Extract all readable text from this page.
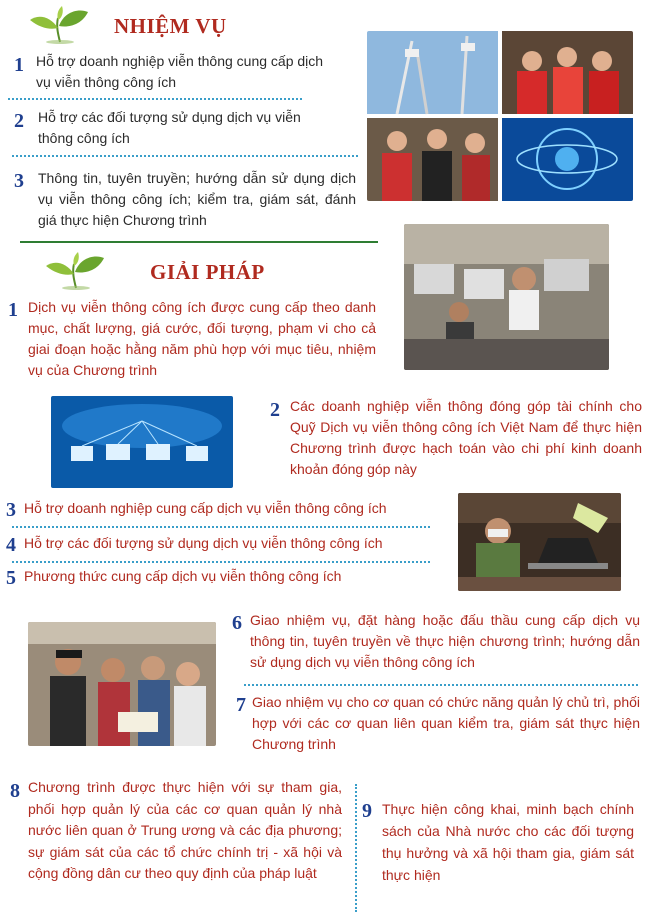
NHIỆM VỤ
1 Hỗ trợ doanh nghiệp viễn thông cung cấp dịch vụ viễn thông công ích
2 Hỗ trợ các đối tượng sử dụng dịch vụ viễn thông công ích
3 Thông tin, tuyên truyền; hướng dẫn sử dụng dịch vụ viễn thông công ích; kiểm tra, giám sát, đánh giá thực hiện Chương trình
GIẢI PHÁP
1 Dịch vụ viễn thông công ích được cung cấp theo danh mục, chất lượng, giá cước, đối tượng, phạm vi cho cả giai đoạn hoặc hằng năm phù hợp với mục tiêu, nhiệm vụ của Chương trình
2 Các doanh nghiệp viễn thông đóng góp tài chính cho Quỹ Dịch vụ viễn thông công ích Việt Nam để thực hiện Chương trình được hạch toán vào chi phí kinh doanh khoản đóng góp này
3 Hỗ trợ doanh nghiệp cung cấp dịch vụ viễn thông công ích
4 Hỗ trợ các đối tượng sử dụng dịch vụ viễn thông công ích
5 Phương thức cung cấp dịch vụ viễn thông công ích
6 Giao nhiệm vụ, đặt hàng hoặc đấu thầu cung cấp dịch vụ thông tin, tuyên truyền về thực hiện chương trình; hướng dẫn sử dụng dịch vụ viễn thông công ích
7 Giao nhiệm vụ cho cơ quan có chức năng quản lý chủ trì, phối hợp với các cơ quan liên quan kiểm tra, giám sát thực hiện Chương trình
8 Chương trình được thực hiện với sự tham gia, phối hợp quản lý của các cơ quan quản lý nhà nước liên quan ở Trung ương và các địa phương; sự giám sát của các tổ chức chính trị - xã hội và cộng đồng dân cư theo quy định của pháp luật
9 Thực hiện công khai, minh bạch chính sách của Nhà nước cho các đối tượng thụ hưởng và xã hội tham gia, giám sát thực hiện
